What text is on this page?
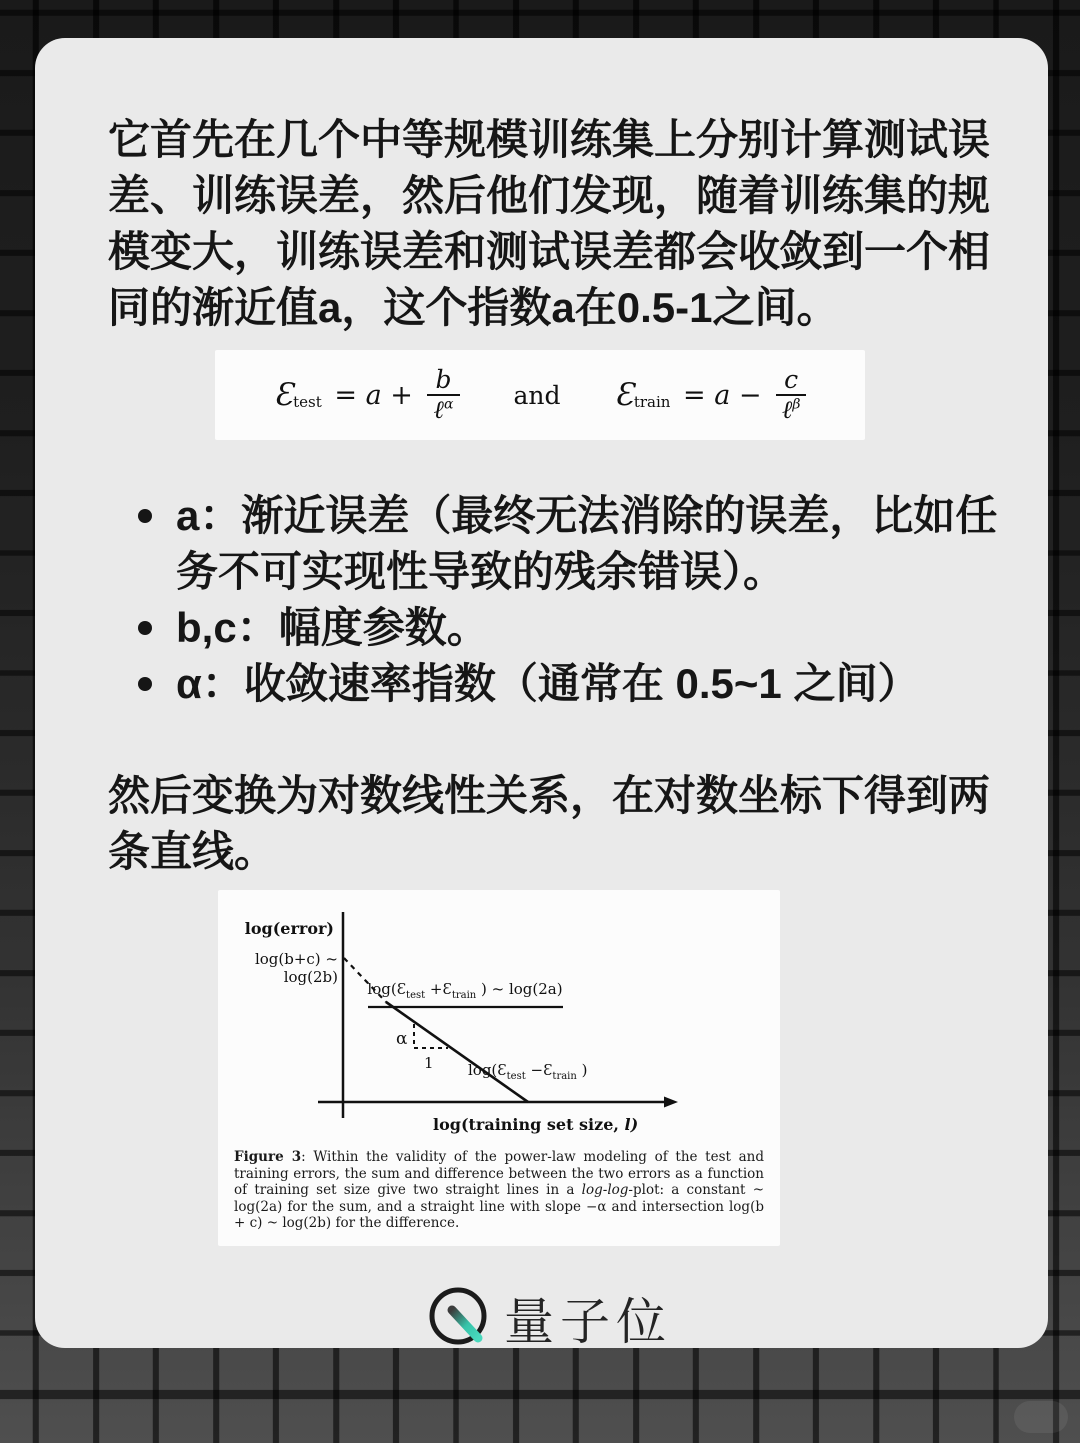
它首先在几个中等规模训练集上分别计算测试误差、训练误差，然后他们发现，随着训练集的规模变大，训练误差和测试误差都会收敛到一个相同的渐近值a，这个指数a在0.5-1之间。
$Ɛ_{test} = a + \frac{b}{\ell^\alpha}$ and $Ɛ_{train} = a - \frac{c}{\ell^\beta}$
a：渐近误差（最终无法消除的误差，比如任务不可实现性导致的残余错误）。
b,c：幅度参数。
α：收敛速率指数（通常在 0.5~1 之间）
然后变换为对数线性关系，在对数坐标下得到两条直线。
log(error)
log(b+c) ~
log(2b)
$\log(Ɛ_{test}$ $+Ɛ_{train}$ ) ~ log(2a)
α
1 $\log(Ɛ_{test}$ $-Ɛ_{train}$ )
log(training set size, l)
Figure 3: Within the validity of the power-law modeling of the test and training errors, the sum and difference between the two errors as a function of training set size give two straight lines in a log-log-plot: a constant ~ log(2a) for the sum, and a straight line with slope −α and intersection log(b + c) ~ log(2b) for the difference.
量子位
